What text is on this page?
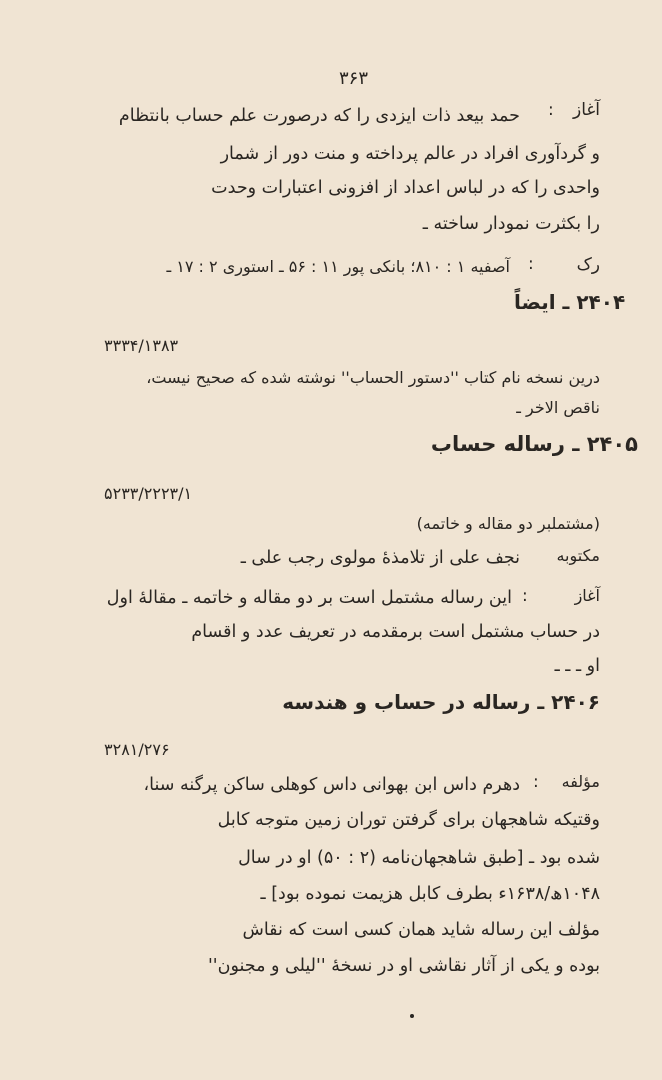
۳۶۳
آغاز
:
حمد بیعد ذات ایزدی را که درصورت علم حساب بانتظام
و گردآوری افراد در عالم پرداخته و منت دور از شمار
واحدی را که در لباس اعداد از افزونی اعتبارات وحدت
را بکثرت نمودار ساخته ـ
رک
:
آصفیه ۱ : ۸۱۰؛ بانکی پور ۱۱ : ۵۶ ـ استوری ۲ : ۱۷ ـ
۲۴۰۴ ـ ایضاً
۳۳۳۴/۱۳۸۳
درین نسخه نام کتاب ''دستور الحساب'' نوشته شده که صحیح نیست،
ناقص الاخر ـ
۲۴۰۵ ـ رساله حساب
۵۲۳۳/۲۲۲۳/۱
(مشتملبر دو مقاله و خاتمه)
مکتوبه
نجف علی از تلامذهٔ مولوی رجب علی ـ
آغاز
:
این رساله مشتمل است بر دو مقاله و خاتمه ـ مقالهٔ اول
در حساب مشتمل است برمقدمه در تعریف عدد و اقسام
او ـ ـ ـ
۲۴۰۶ ـ رساله در حساب و هندسه
۳۲۸۱/۲۷۶
مؤلفه
:
دهرم داس ابن بهوانی داس کوهلی ساکن پرگنه سنا،
وقتیکه شاهجهان برای گرفتن توران زمین متوجه کابل
شده بود ـ [طبق شاهجهان‌نامه (۲ : ۵۰) او در سال
۱۰۴۸ھ/۱۶۳۸ء بطرف کابل هزیمت نموده بود] ـ
مؤلف این رساله شاید همان کسی است که نقاش
بوده و یکی از آثار نقاشی او در نسخهٔ ''لیلی و مجنون''
